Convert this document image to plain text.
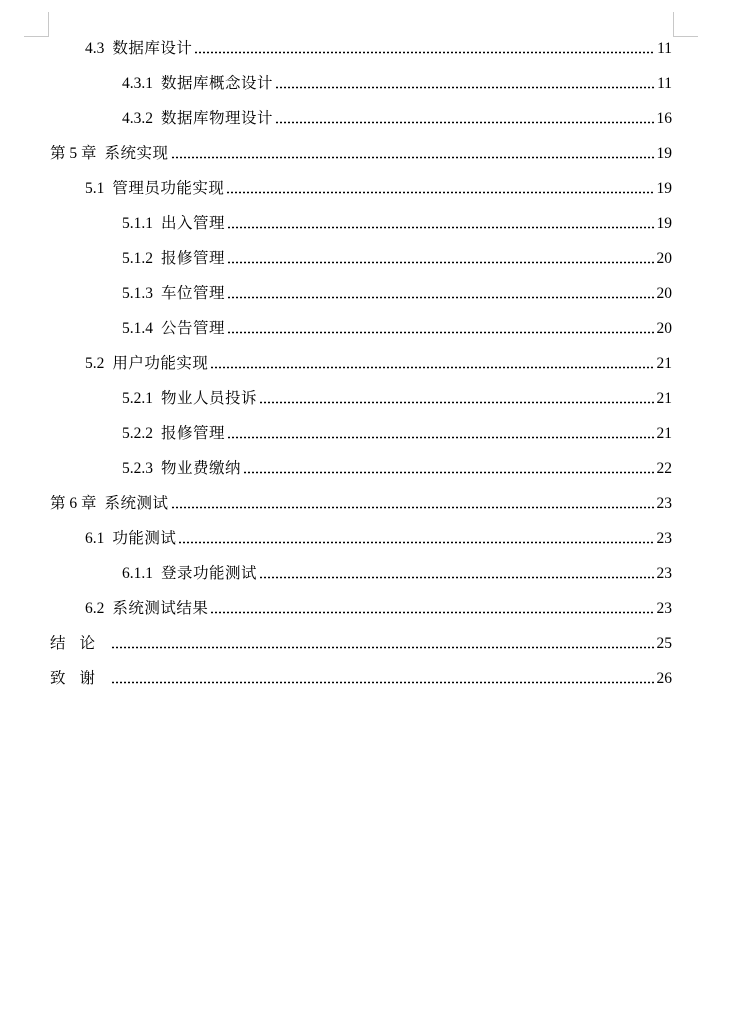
4.3 数据库设计	11
4.3.1 数据库概念设计	11
4.3.2 数据库物理设计	16
第 5 章 系统实现	19
5.1 管理员功能实现	19
5.1.1 出入管理	19
5.1.2 报修管理	20
5.1.3 车位管理	20
5.1.4 公告管理	20
5.2 用户功能实现	21
5.2.1 物业人员投诉	21
5.2.2 报修管理	21
5.2.3 物业费缴纳	22
第 6 章 系统测试	23
6.1 功能测试	23
6.1.1 登录功能测试	23
6.2 系统测试结果	23
结论	25
致谢	26
